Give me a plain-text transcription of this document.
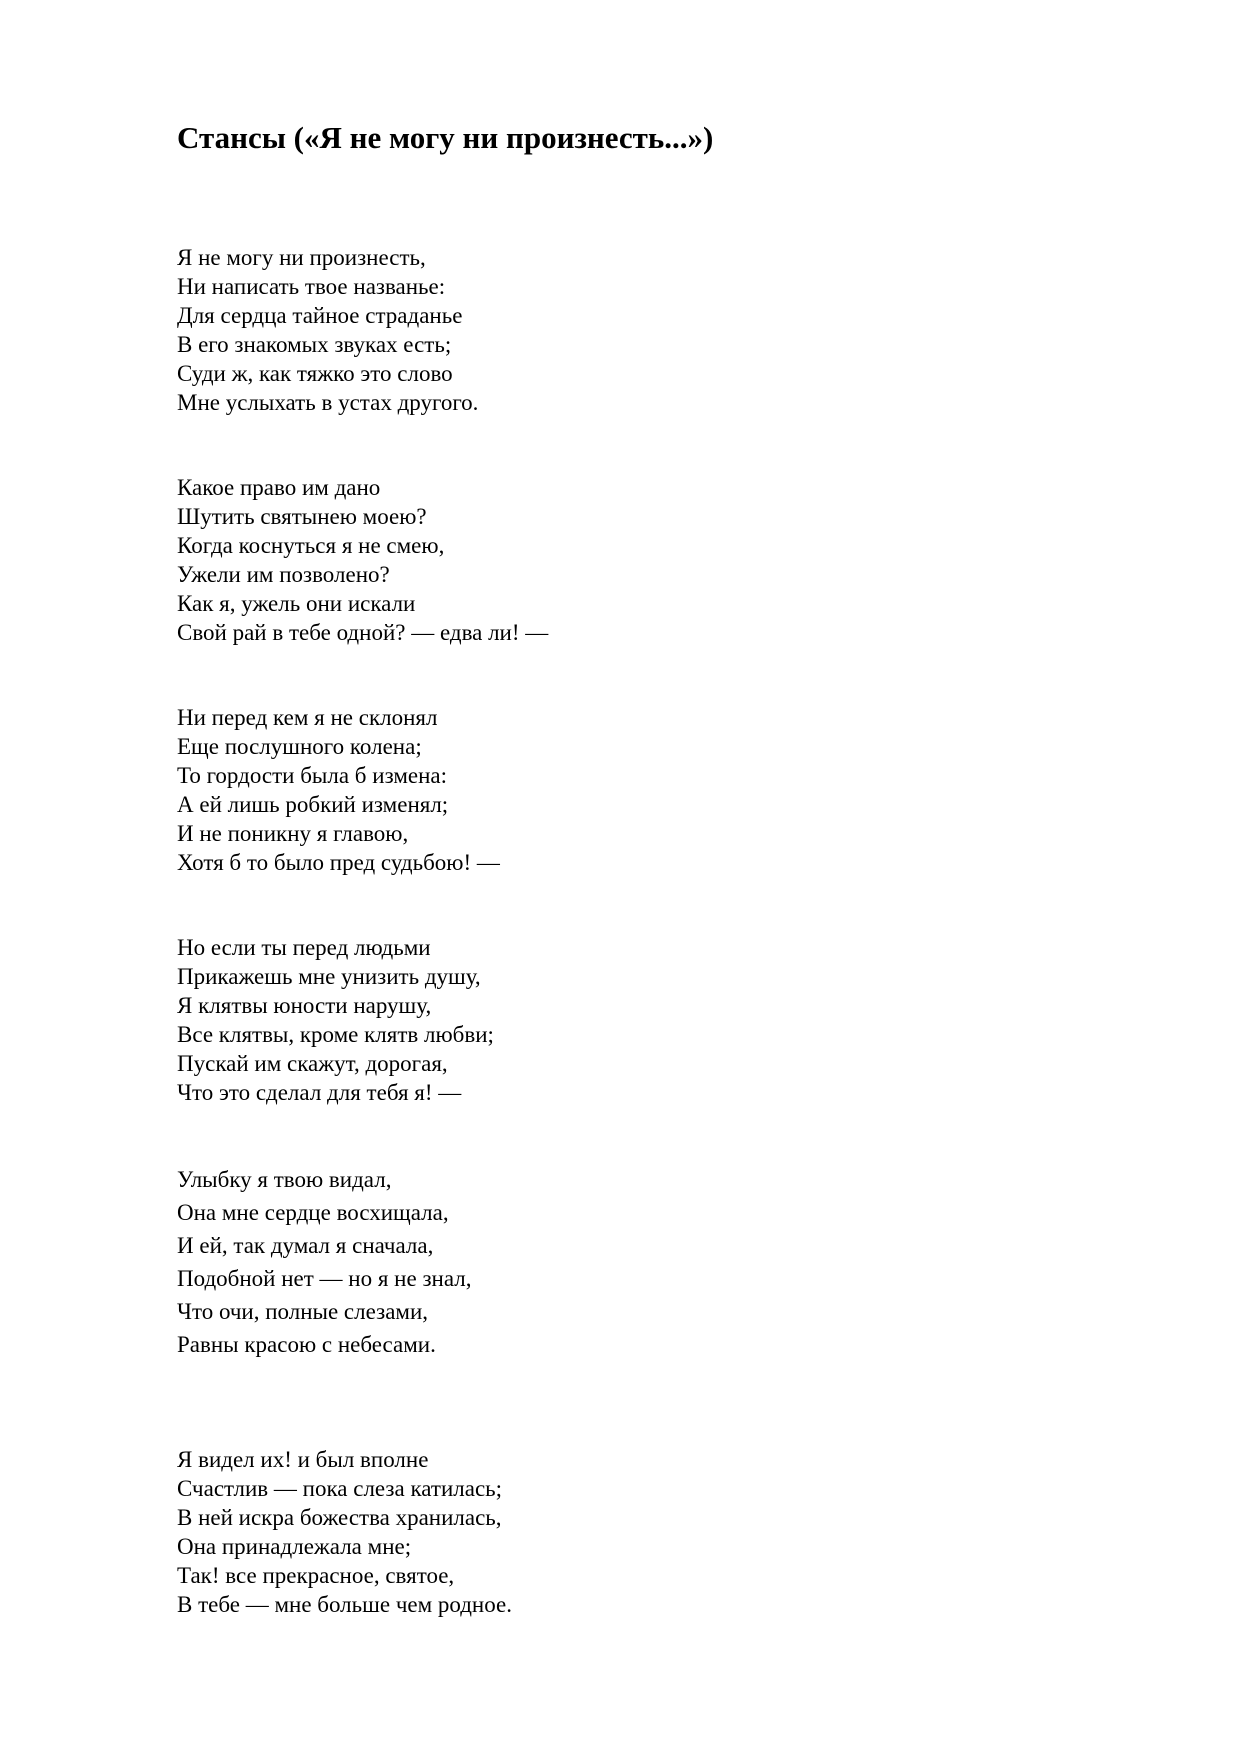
Стансы («Я не могу ни произнесть...»)
Я не могу ни произнесть,
Ни написать твое названье:
Для сердца тайное страданье
В его знакомых звуках есть;
Суди ж, как тяжко это слово
Мне услыхать в устах другого.
Какое право им дано
Шутить святынею моею?
Когда коснуться я не смею,
Ужели им позволено?
Как я, ужель они искали
Свой рай в тебе одной? — едва ли! —
Ни перед кем я не склонял
Еще послушного колена;
То гордости была б измена:
А ей лишь робкий изменял;
И не поникну я главою,
Хотя б то было пред судьбою! —
Но если ты перед людьми
Прикажешь мне унизить душу,
Я клятвы юности нарушу,
Все клятвы, кроме клятв любви;
Пускай им скажут, дорогая,
Что это сделал для тебя я! —
Улыбку я твою видал,
Она мне сердце восхищала,
И ей, так думал я сначала,
Подобной нет — но я не знал,
Что очи, полные слезами,
Равны красою с небесами.
Я видел их! и был вполне
Счастлив — пока слеза катилась;
В ней искра божества хранилась,
Она принадлежала мне;
Так! все прекрасное, святое,
В тебе — мне больше чем родное.
